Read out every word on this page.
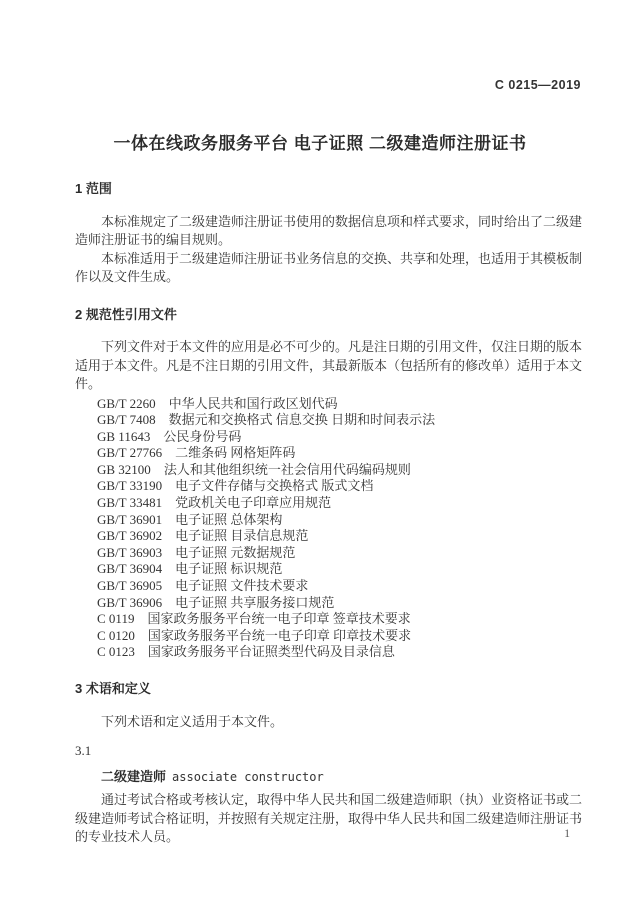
C 0215—2019
一体在线政务服务平台 电子证照 二级建造师注册证书
1 范围
本标准规定了二级建造师注册证书使用的数据信息项和样式要求，同时给出了二级建造师注册证书的编目规则。
本标准适用于二级建造师注册证书业务信息的交换、共享和处理，也适用于其模板制作以及文件生成。
2 规范性引用文件
下列文件对于本文件的应用是必不可少的。凡是注日期的引用文件，仅注日期的版本适用于本文件。凡是不注日期的引用文件，其最新版本（包括所有的修改单）适用于本文件。
GB/T 2260 中华人民共和国行政区划代码
GB/T 7408 数据元和交换格式 信息交换 日期和时间表示法
GB 11643 公民身份号码
GB/T 27766 二维条码 网格矩阵码
GB 32100 法人和其他组织统一社会信用代码编码规则
GB/T 33190 电子文件存储与交换格式 版式文档
GB/T 33481 党政机关电子印章应用规范
GB/T 36901 电子证照 总体架构
GB/T 36902 电子证照 目录信息规范
GB/T 36903 电子证照 元数据规范
GB/T 36904 电子证照 标识规范
GB/T 36905 电子证照 文件技术要求
GB/T 36906 电子证照 共享服务接口规范
C 0119 国家政务服务平台统一电子印章 签章技术要求
C 0120 国家政务服务平台统一电子印章 印章技术要求
C 0123 国家政务服务平台证照类型代码及目录信息
3 术语和定义
下列术语和定义适用于本文件。
3.1
二级建造师 associate constructor
通过考试合格或考核认定，取得中华人民共和国二级建造师职（执）业资格证书或二级建造师考试合格证明，并按照有关规定注册，取得中华人民共和国二级建造师注册证书的专业技术人员。	1
